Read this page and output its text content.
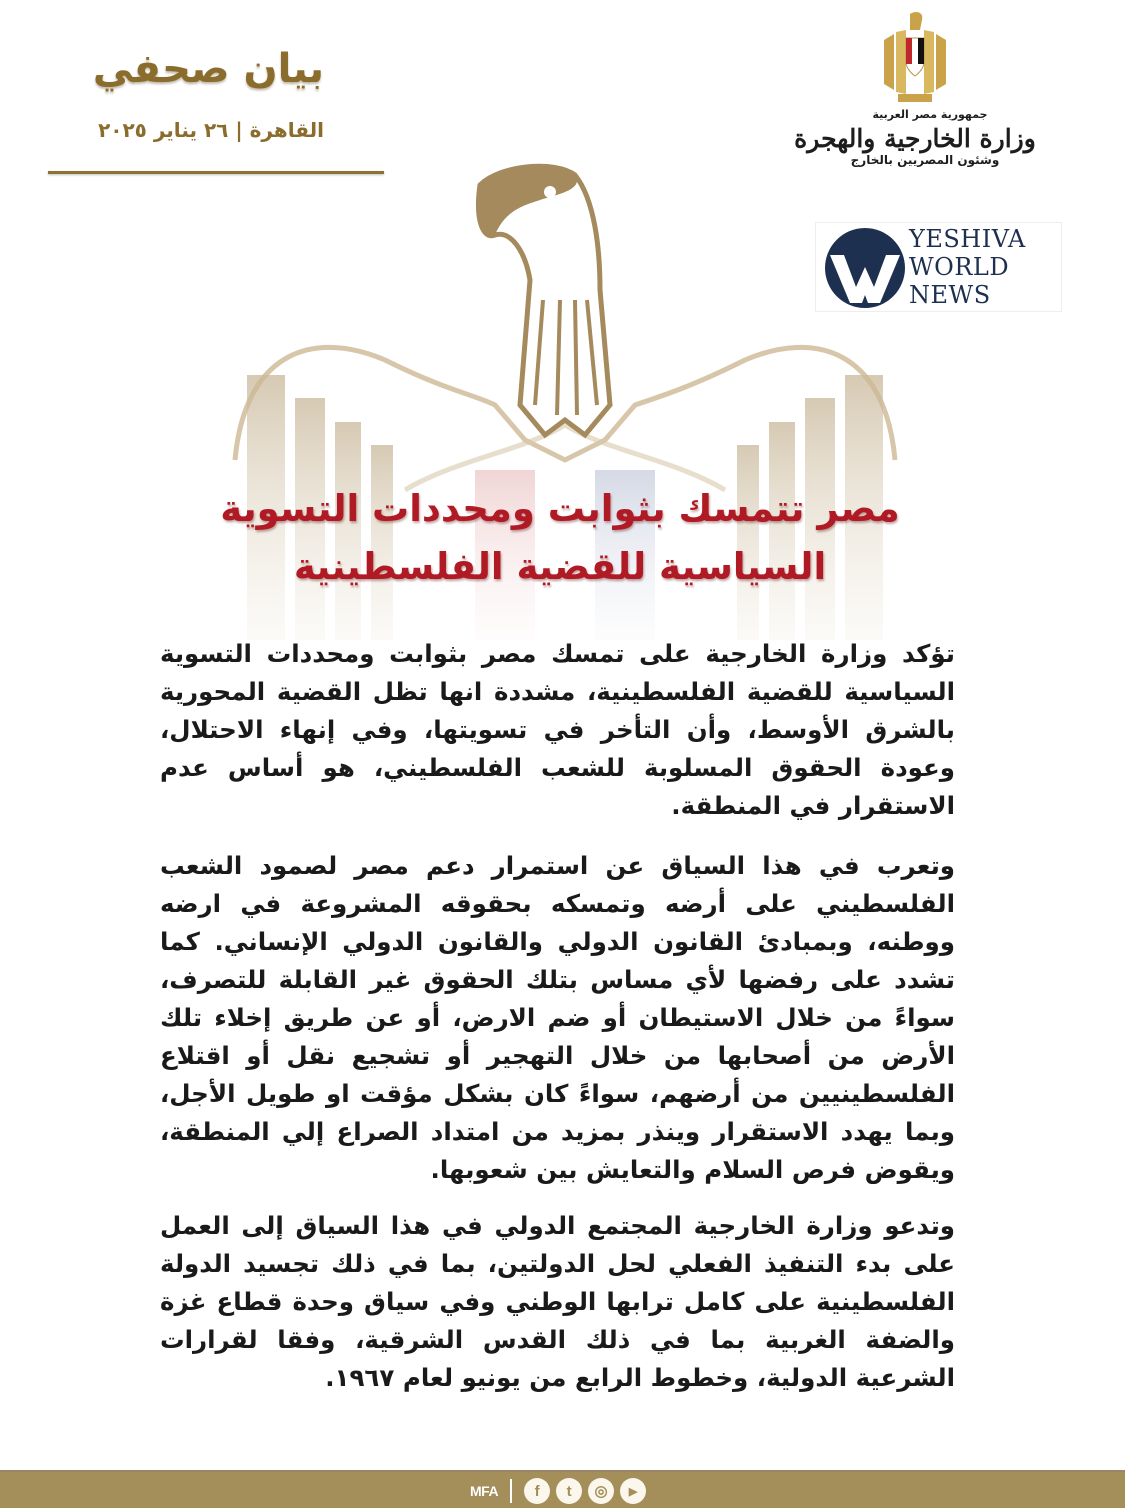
بيان صحفي
القاهرة | ٢٦ يناير ٢٠٢٥
جمهورية مصر العربية
وزارة الخارجية والهجرة
وشئون المصريين بالخارج
YESHIVA
WORLD
NEWS
مصر تتمسك بثوابت ومحددات التسوية
السياسية للقضية الفلسطينية

تؤكد وزارة الخارجية على تمسك مصر بثوابت ومحددات التسوية السياسية للقضية الفلسطينية، مشددة انها تظل القضية المحورية بالشرق الأوسط، وأن التأخر في تسويتها، وفي إنهاء الاحتلال، وعودة الحقوق المسلوبة للشعب الفلسطيني، هو أساس عدم الاستقرار في المنطقة.

وتعرب في هذا السياق عن استمرار دعم مصر لصمود الشعب الفلسطيني على أرضه وتمسكه بحقوقه المشروعة في ارضه ووطنه، وبمبادئ القانون الدولي والقانون الدولي الإنساني. كما تشدد على رفضها لأي مساس بتلك الحقوق غير القابلة للتصرف، سواءً من خلال الاستيطان أو ضم الارض، أو عن طريق إخلاء تلك الأرض من أصحابها من خلال التهجير أو تشجيع نقل أو اقتلاع الفلسطينيين من أرضهم، سواءً كان بشكل مؤقت او طويل الأجل، وبما يهدد الاستقرار وينذر بمزيد من امتداد الصراع إلي المنطقة، ويقوض فرص السلام والتعايش بين شعوبها.

وتدعو وزارة الخارجية المجتمع الدولي في هذا السياق إلى العمل على بدء التنفيذ الفعلي لحل الدولتين، بما في ذلك تجسيد الدولة الفلسطينية على كامل ترابها الوطني وفي سياق وحدة قطاع غزة والضفة الغربية بما في ذلك القدس الشرقية، وفقا لقرارات الشرعية الدولية، وخطوط الرابع من يونيو لعام ١٩٦٧.

MFA	f	t	◎	▶
